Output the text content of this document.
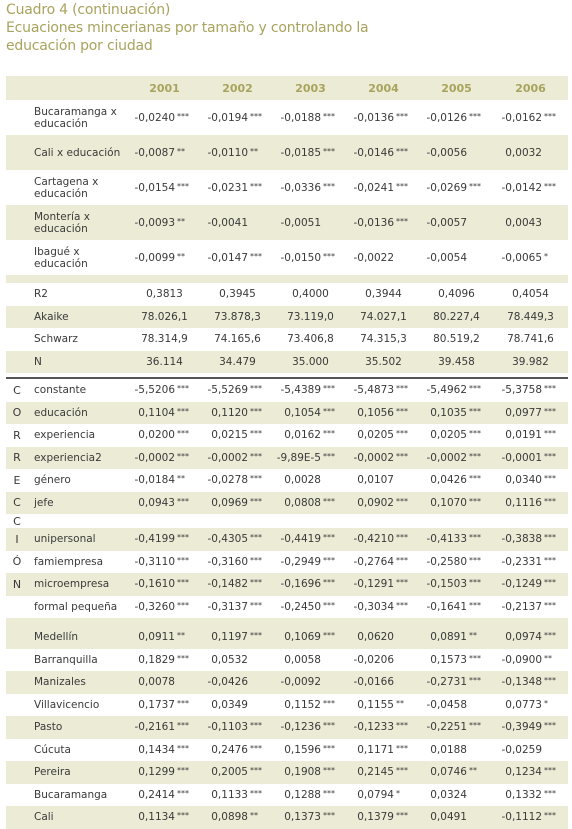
Cuadro 4 (continuación)
Ecuaciones mincerianas por tamaño y controlando la
educación por ciudad
		2001	2002	2003	2004	2005	2006
	Bucaramanga x educación	-0,0240 ***	-0,0194 ***	-0,0188 ***	-0,0136 ***	-0,0126 ***	-0,0162 ***
	Cali x educación	-0,0087 **	-0,0110 **	-0,0185 ***	-0,0146 ***	-0,0056	0,0032
	Cartagena x educación	-0,0154 ***	-0,0231 ***	-0,0336 ***	-0,0241 ***	-0,0269 ***	-0,0142 ***
	Montería x educación	-0,0093 **	-0,0041	-0,0051	-0,0136 ***	-0,0057	0,0043
	Ibagué x educación	-0,0099 **	-0,0147 ***	-0,0150 ***	-0,0022	-0,0054	-0,0065 *

	R2	0,3813	0,3945	0,4000	0,3944	0,4096	0,4054
	Akaike	78.026,1	73.878,3	73.119,0	74.027,1	80.227,4	78.449,3
	Schwarz	78.314,9	74.165,6	73.406,8	74.315,3	80.519,2	78.741,6
	N	36.114	34.479	35.000	35.502	39.458	39.982

C	constante	-5,5206 ***	-5,5269 ***	-5,4389 ***	-5,4873 ***	-5,4962 ***	-5,3758 ***
O	educación	0,1104 ***	0,1120 ***	0,1054 ***	0,1056 ***	0,1035 ***	0,0977 ***
R	experiencia	0,0200 ***	0,0215 ***	0,0162 ***	0,0205 ***	0,0205 ***	0,0191 ***
R	experiencia2	-0,0002 ***	-0,0002 ***	-9,89E-5 ***	-0,0002 ***	-0,0002 ***	-0,0001 ***
E	género	-0,0184 **	-0,0278 ***	0,0028	0,0107	0,0426 ***	0,0340 ***
C	jefe	0,0943 ***	0,0969 ***	0,0808 ***	0,0902 ***	0,1070 ***	0,1116 ***
C							
I	unipersonal	-0,4199 ***	-0,4305 ***	-0,4419 ***	-0,4210 ***	-0,4133 ***	-0,3838 ***
Ó	famiempresa	-0,3110 ***	-0,3160 ***	-0,2949 ***	-0,2764 ***	-0,2580 ***	-0,2331 ***
N	microempresa	-0,1610 ***	-0,1482 ***	-0,1696 ***	-0,1291 ***	-0,1503 ***	-0,1249 ***
	formal pequeña	-0,3260 ***	-0,3137 ***	-0,2450 ***	-0,3034 ***	-0,1641 ***	-0,2137 ***

	Medellín	0,0911 **	0,1197 ***	0,1069 ***	0,0620	0,0891 **	0,0974 ***
	Barranquilla	0,1829 ***	0,0532	0,0058	-0,0206	0,1573 ***	-0,0900 **
	Manizales	0,0078	-0,0426	-0,0092	-0,0166	-0,2731 ***	-0,1348 ***
	Villavicencio	0,1737 ***	0,0349	0,1152 ***	0,1155 **	-0,0458	0,0773 *
	Pasto	-0,2161 ***	-0,1103 ***	-0,1236 ***	-0,1233 ***	-0,2251 ***	-0,3949 ***
	Cúcuta	0,1434 ***	0,2476 ***	0,1596 ***	0,1171 ***	0,0188	-0,0259
	Pereira	0,1299 ***	0,2005 ***	0,1908 ***	0,2145 ***	0,0746 **	0,1234 ***
	Bucaramanga	0,2414 ***	0,1133 ***	0,1288 ***	0,0794 *	0,0324	0,1332 ***
	Cali	0,1134 ***	0,0898 **	0,1373 ***	0,1379 ***	0,0491	-0,1112 ***
